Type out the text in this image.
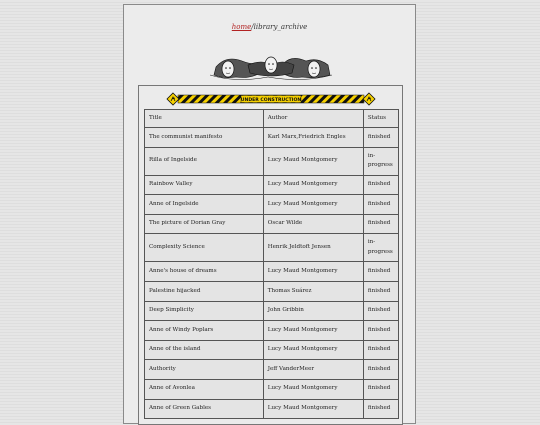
home/library_archive
UNDER CONSTRUCTION
Title	Author	Status
The communist manifesto	Karl Marx,Friedrich Engles	finished
Rilla of Ingelside	Lucy Maud Montgomery	in-progress
Rainbow Valley	Lucy Maud Montgomery	finished
Anne of Ingelside	Lucy Maud Montgomery	finished
The picture of Dorian Gray	Oscar Wilde	finished
Complexity Science	Henrik Jeldtoft Jensen	in-progress
Anne's house of dreams	Lucy Maud Montgomery	finished
Palestine hijacked	Thomas Suárez	finished
Deep Simplicity	John Gribbin	finished
Anne of Windy Poplars	Lucy Maud Montgomery	finished
Anne of the island	Lucy Maud Montgomery	finished
Authority	Jeff VanderMeer	finished
Anne of Avonlea	Lucy Maud Montgomery	finished
Anne of Green Gables	Lucy Maud Montgomery	finished
